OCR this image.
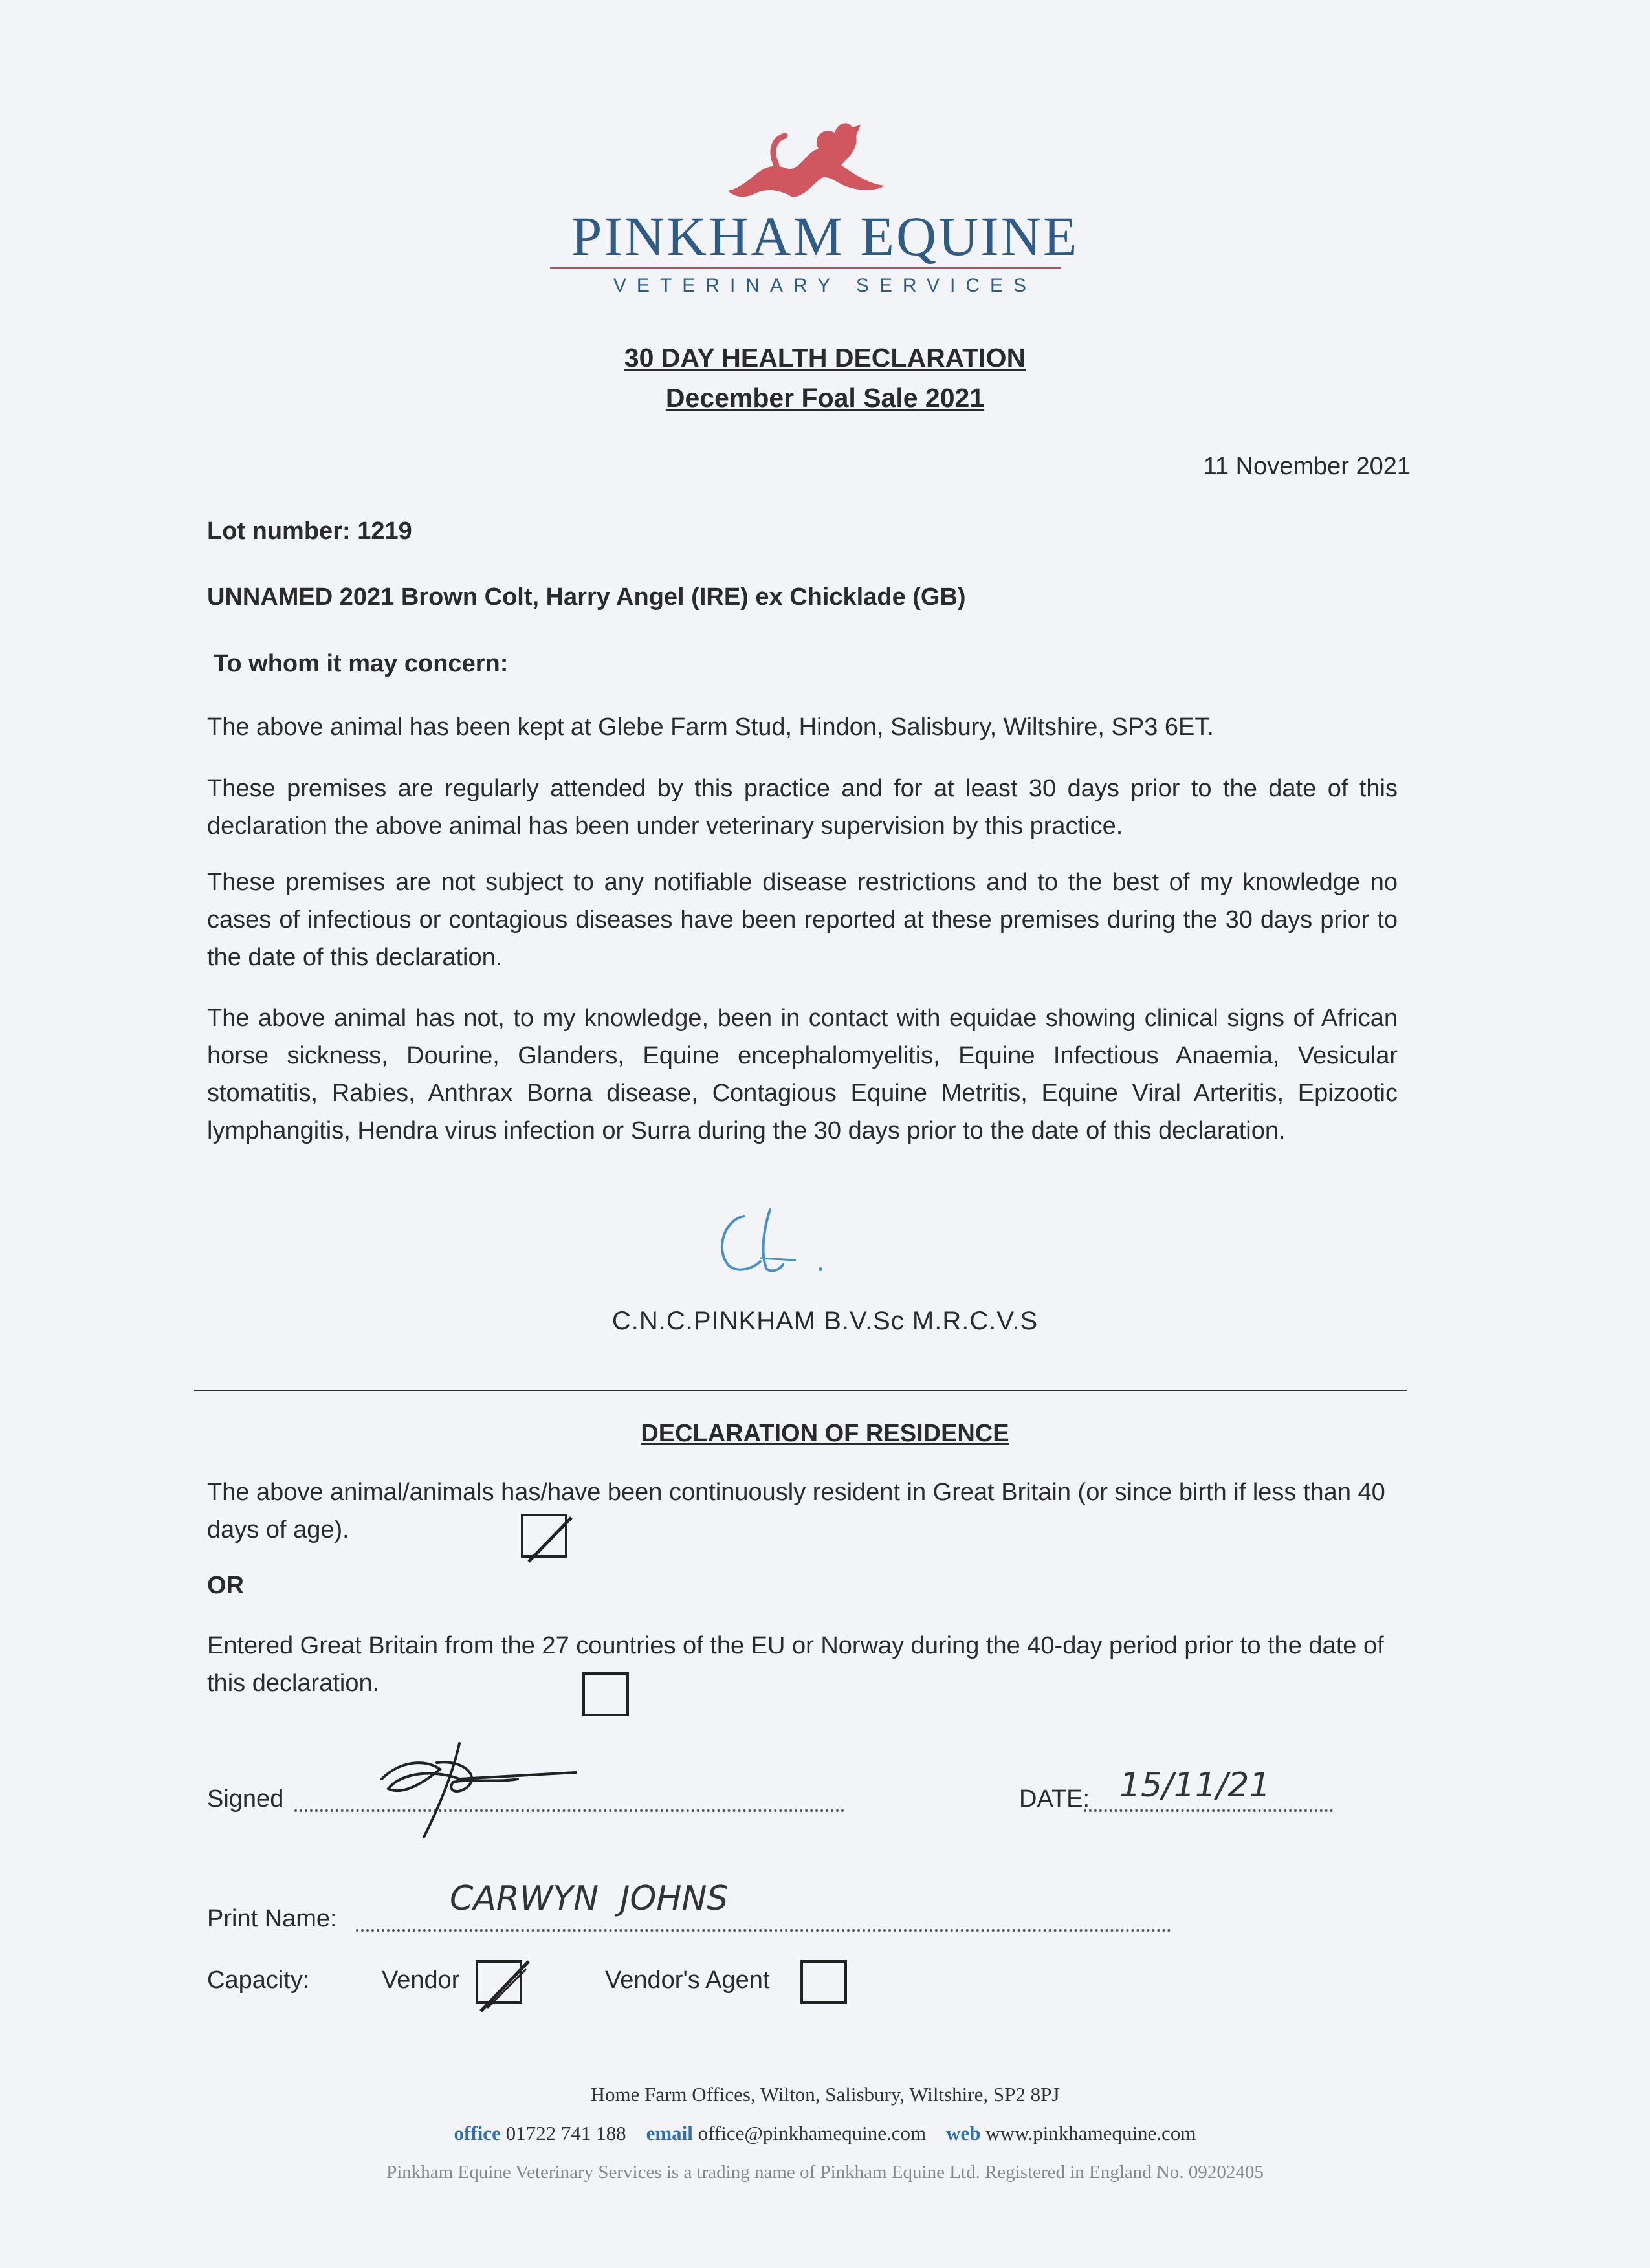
PINKHAM EQUINE
VETERINARY SERVICES
30 DAY HEALTH DECLARATION
December Foal Sale 2021
11 November 2021
Lot number: 1219
UNNAMED 2021 Brown Colt, Harry Angel (IRE) ex Chicklade (GB)
To whom it may concern:
The above animal has been kept at Glebe Farm Stud, Hindon, Salisbury, Wiltshire, SP3 6ET.
These premises are regularly attended by this practice and for at least 30 days prior to the date of this declaration the above animal has been under veterinary supervision by this practice.
These premises are not subject to any notifiable disease restrictions and to the best of my knowledge no cases of infectious or contagious diseases have been reported at these premises during the 30 days prior to the date of this declaration.
The above animal has not, to my knowledge, been in contact with equidae showing clinical signs of African horse sickness, Dourine, Glanders, Equine encephalomyelitis, Equine Infectious Anaemia, Vesicular stomatitis, Rabies, Anthrax Borna disease, Contagious Equine Metritis, Equine Viral Arteritis, Epizootic lymphangitis, Hendra virus infection or Surra during the 30 days prior to the date of this declaration.
C.N.C.PINKHAM B.V.Sc M.R.C.V.S
DECLARATION OF RESIDENCE
The above animal/animals has/have been continuously resident in Great Britain (or since birth if less than 40 days of age).
OR
Entered Great Britain from the 27 countries of the EU or Norway during the 40-day period prior to the date of this declaration.
Signed	DATE: 15/11/21
Print Name:
CARWYN  JOHNS
Capacity:	Vendor	Vendor's Agent
Home Farm Offices, Wilton, Salisbury, Wiltshire, SP2 8PJ
office 01722 741 188 email office@pinkhamequine.com web www.pinkhamequine.com
Pinkham Equine Veterinary Services is a trading name of Pinkham Equine Ltd. Registered in England No. 09202405
